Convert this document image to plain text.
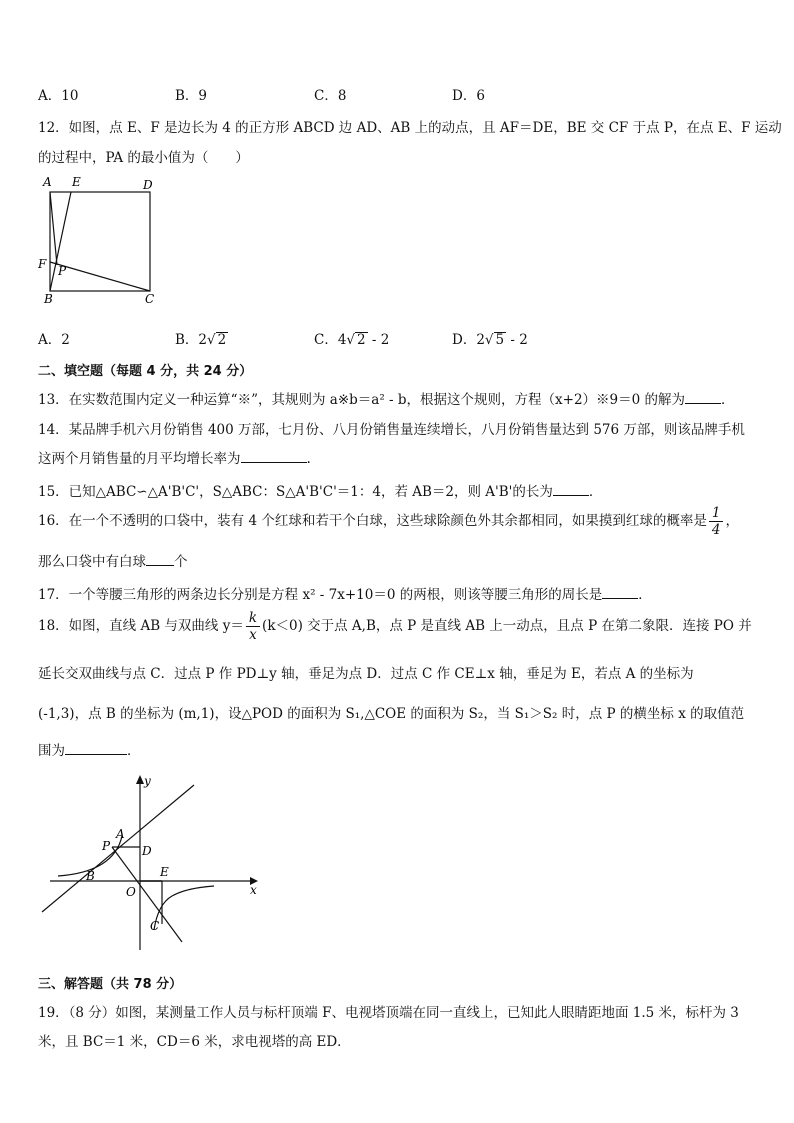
A．10	B．9	C．8	D．6
12．如图，点 E、F 是边长为 4 的正方形 ABCD 边 AD、AB 上的动点，且 AF＝DE，BE 交 CF 于点 P，在点 E、F 运动
的过程中，PA 的最小值为（　　）
A E	D
F P
B	C
A．2	B．2√ 2	C．4√ 2 - 2	D．2√ 5 - 2
二、填空题（每题 4 分，共 24 分）
13．在实数范围内定义一种运算“※”，其规则为 a※b＝a² - b，根据这个规则，方程（x+2）※9＝0 的解为	．
14．某品牌手机六月份销售 400 万部，七月份、八月份销售量连续增长，八月份销售量达到 576 万部，则该品牌手机
这两个月销售量的月平均增长率为	.
15．已知△ABC∽△A'B'C'，S△ABC：S△A'B'C'＝1：4，若 AB＝2，则 A'B'的长为	．
16．在一个不透明的口袋中，装有 4 个红球和若干个白球，这些球除颜色外其余都相同，如果摸到红球的概率是 $\frac{1}{4}$ ，
那么口袋中有白球 个
17．一个等腰三角形的两条边长分别是方程 x² - 7x+10＝0 的两根，则该等腰三角形的周长是	．
18．如图，直线 AB 与双曲线 $y= \frac{k}{x} (k<0)$ 交于点 A,B，点 P 是直线 AB 上一动点，且点 P 在第二象限．连接 PO 并
延长交双曲线与点 C．过点 P 作 PD⊥y 轴，垂足为点 D．过点 C 作 CE⊥x 轴，垂足为 E，若点 A 的坐标为
(-1,3)，点 B 的坐标为 (m,1)，设△POD 的面积为 S₁,△COE 的面积为 S₂，当 S₁＞S₂ 时，点 P 的横坐标 x 的取值范
围为	．
y
x
A
P	D
B
O
E
C
三、解答题（共 78 分）
19．（8 分）如图，某测量工作人员与标杆顶端 F、电视塔顶端在同一直线上，已知此人眼睛距地面 1.5 米，标杆为 3
米，且 BC＝1 米，CD＝6 米，求电视塔的高 ED．
